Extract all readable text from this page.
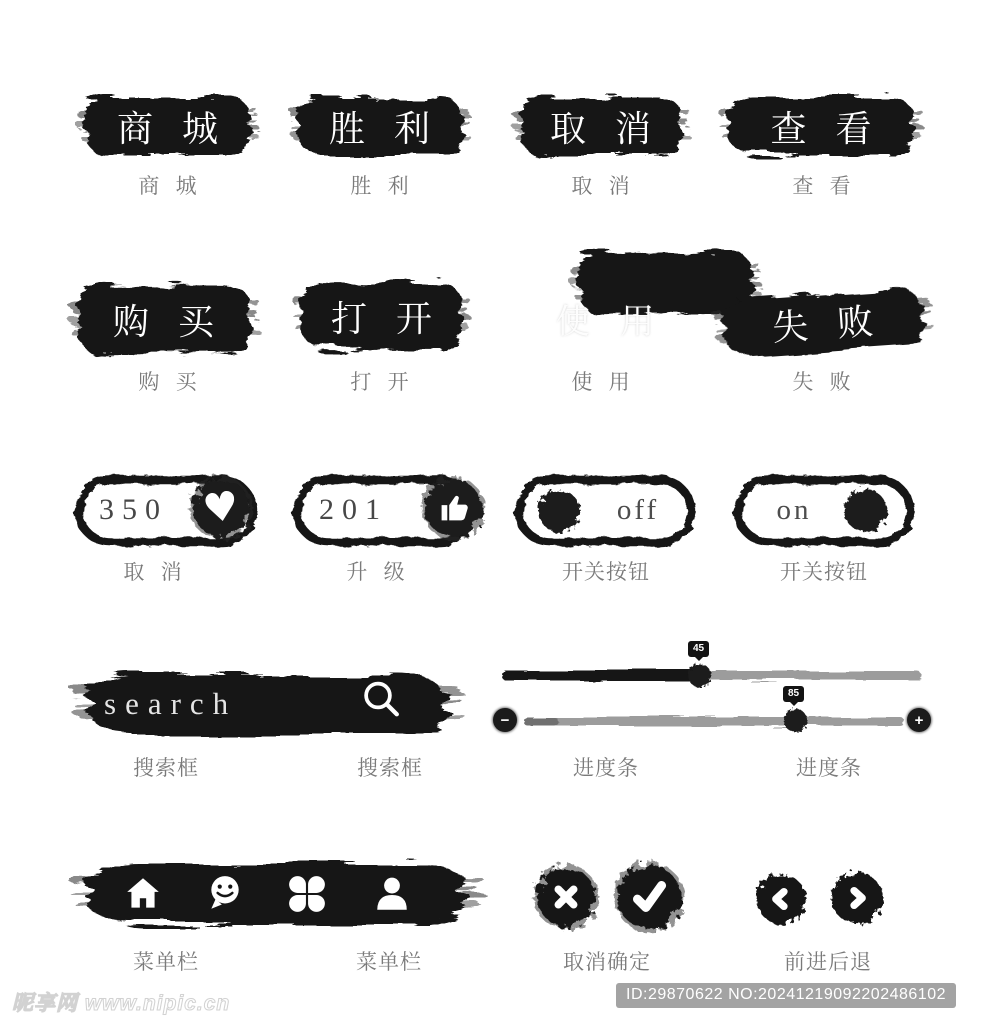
商 城	胜 利	取 消	查 看
商 城	胜 利	取 消	查 看
购 买	打 开	使 用	失 败
购 买	打 开	使 用	失 败
350 ♥	201	off	on
取 消	升 级	开关按钮	开关按钮
search
搜索框	搜索框
45
85
−	+
进度条	进度条
菜单栏	菜单栏	取消确定	前进后退
昵享网 www.nipic.cn	ID:29870622 NO:20241219092202486102
